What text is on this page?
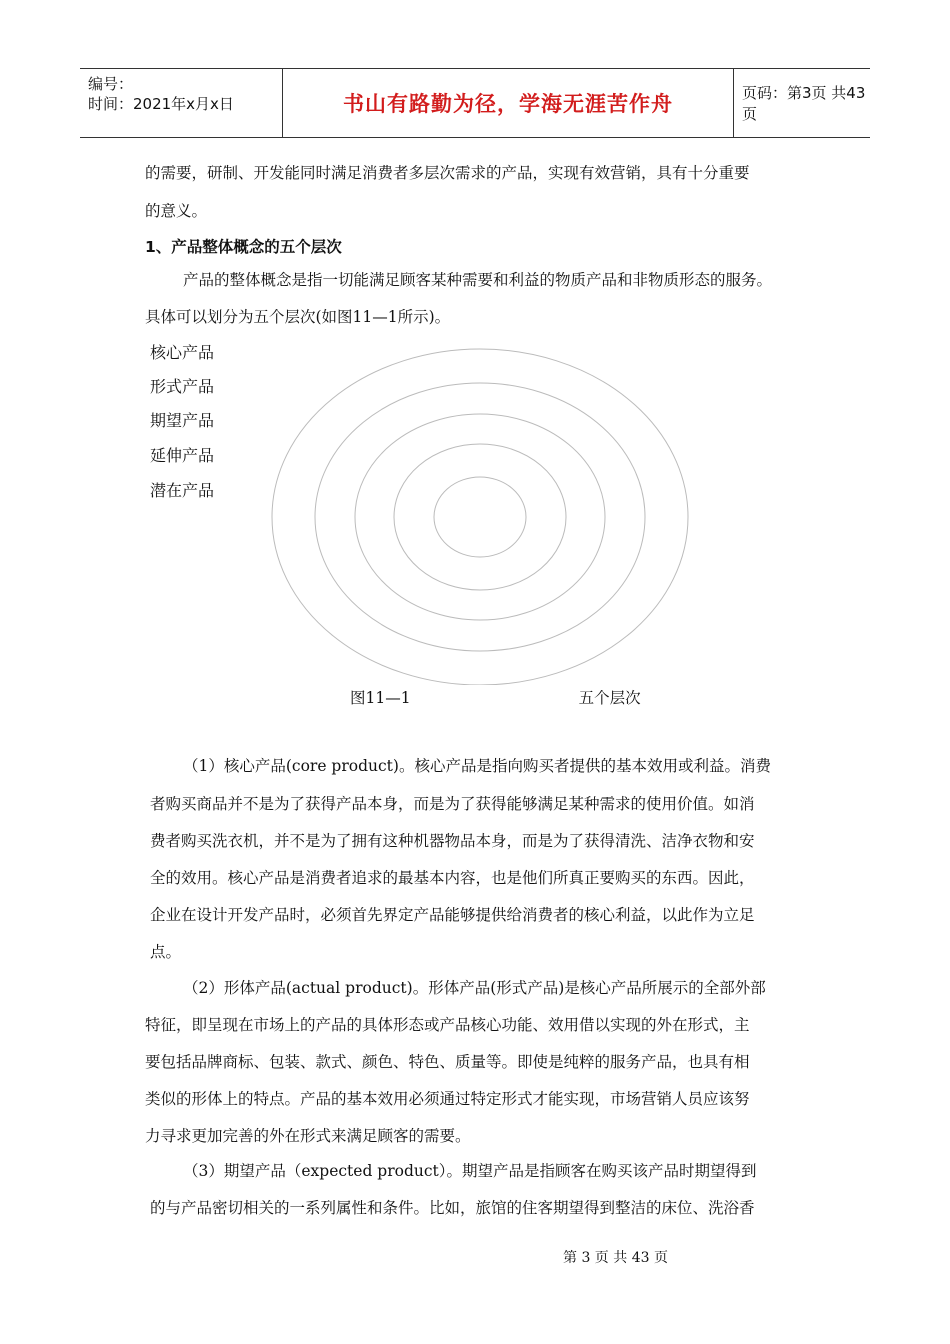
编号：
时间：2021年x月x日	书山有路勤为径，学海无涯苦作舟	页码：第3页 共43页
的需要，研制、开发能同时满足消费者多层次需求的产品，实现有效营销，具有十分重要
的意义。
1、产品整体概念的五个层次
产品的整体概念是指一切能满足顾客某种需要和利益的物质产品和非物质形态的服务。
具体可以划分为五个层次(如图11—1所示)。
核心产品
形式产品
期望产品
延伸产品
潜在产品
图11—1	五个层次
（1）核心产品(core product)。核心产品是指向购买者提供的基本效用或利益。消费
者购买商品并不是为了获得产品本身，而是为了获得能够满足某种需求的使用价值。如消
费者购买洗衣机，并不是为了拥有这种机器物品本身，而是为了获得清洗、洁净衣物和安
全的效用。核心产品是消费者追求的最基本内容，也是他们所真正要购买的东西。因此，
企业在设计开发产品时，必须首先界定产品能够提供给消费者的核心利益，以此作为立足
点。
（2）形体产品(actual product)。形体产品(形式产品)是核心产品所展示的全部外部
特征，即呈现在市场上的产品的具体形态或产品核心功能、效用借以实现的外在形式，主
要包括品牌商标、包装、款式、颜色、特色、质量等。即使是纯粹的服务产品，也具有相
类似的形体上的特点。产品的基本效用必须通过特定形式才能实现，市场营销人员应该努
力寻求更加完善的外在形式来满足顾客的需要。
（3）期望产品（expected product）。期望产品是指顾客在购买该产品时期望得到
的与产品密切相关的一系列属性和条件。比如，旅馆的住客期望得到整洁的床位、洗浴香
第 3 页 共 43 页
